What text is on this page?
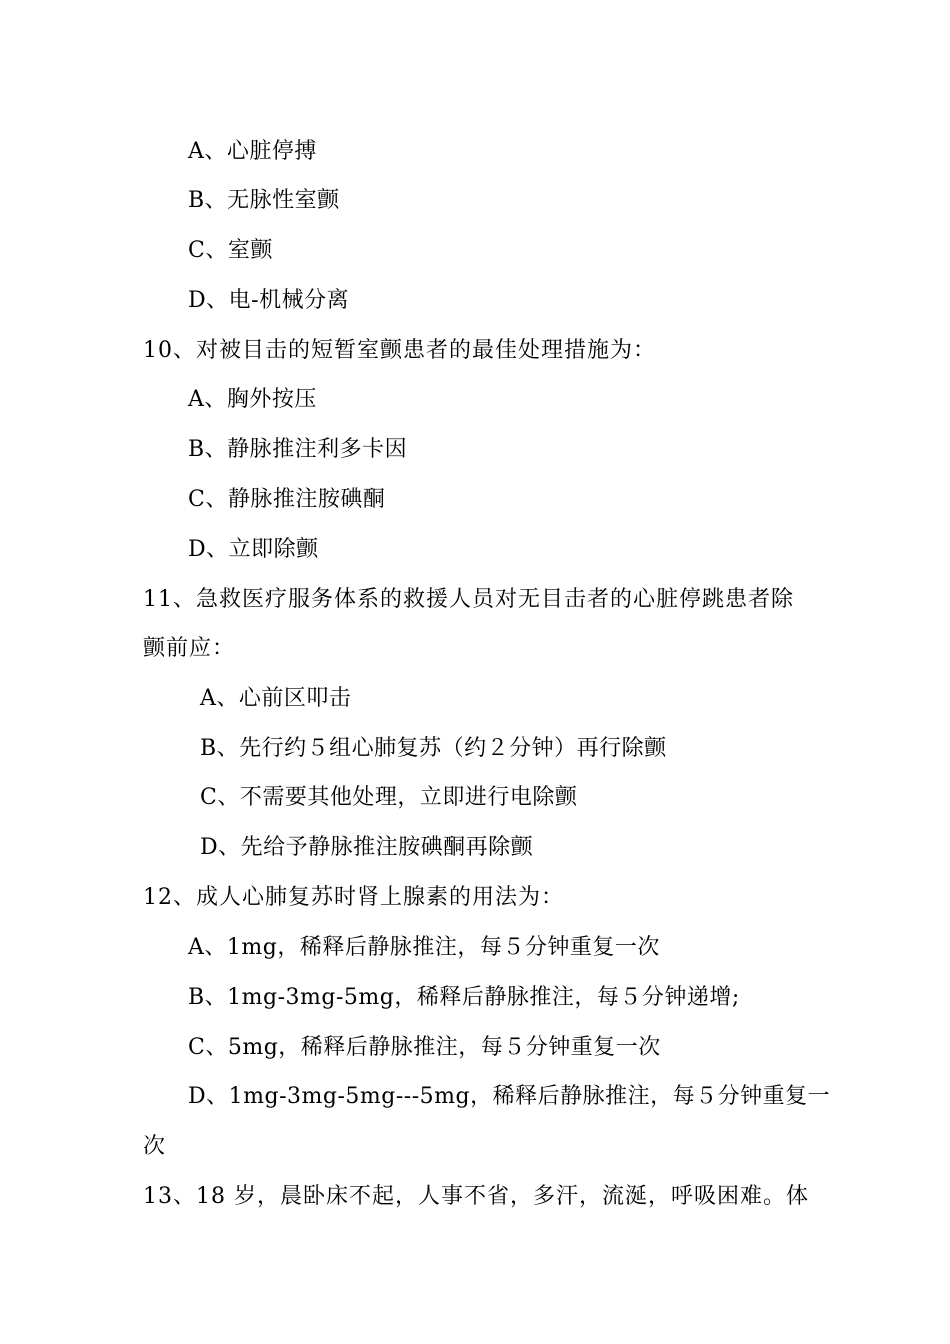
A、心脏停搏
B、无脉性室颤
C、室颤
D、电-机械分离
10、对被目击的短暂室颤患者的最佳处理措施为：
A、胸外按压
B、静脉推注利多卡因
C、静脉推注胺碘酮
D、立即除颤
11、急救医疗服务体系的救援人员对无目击者的心脏停跳患者除
颤前应：
A、心前区叩击
B、先行约５组心肺复苏（约２分钟）再行除颤
C、不需要其他处理，立即进行电除颤
D、先给予静脉推注胺碘酮再除颤
12、成人心肺复苏时肾上腺素的用法为：
A、1mg，稀释后静脉推注，每５分钟重复一次
B、1mg-3mg-5mg，稀释后静脉推注，每５分钟递增;
C、5mg，稀释后静脉推注，每５分钟重复一次
D、1mg-3mg-5mg---5mg，稀释后静脉推注，每５分钟重复一
次
13、18 岁，晨卧床不起，人事不省，多汗，流涎，呼吸困难。体
